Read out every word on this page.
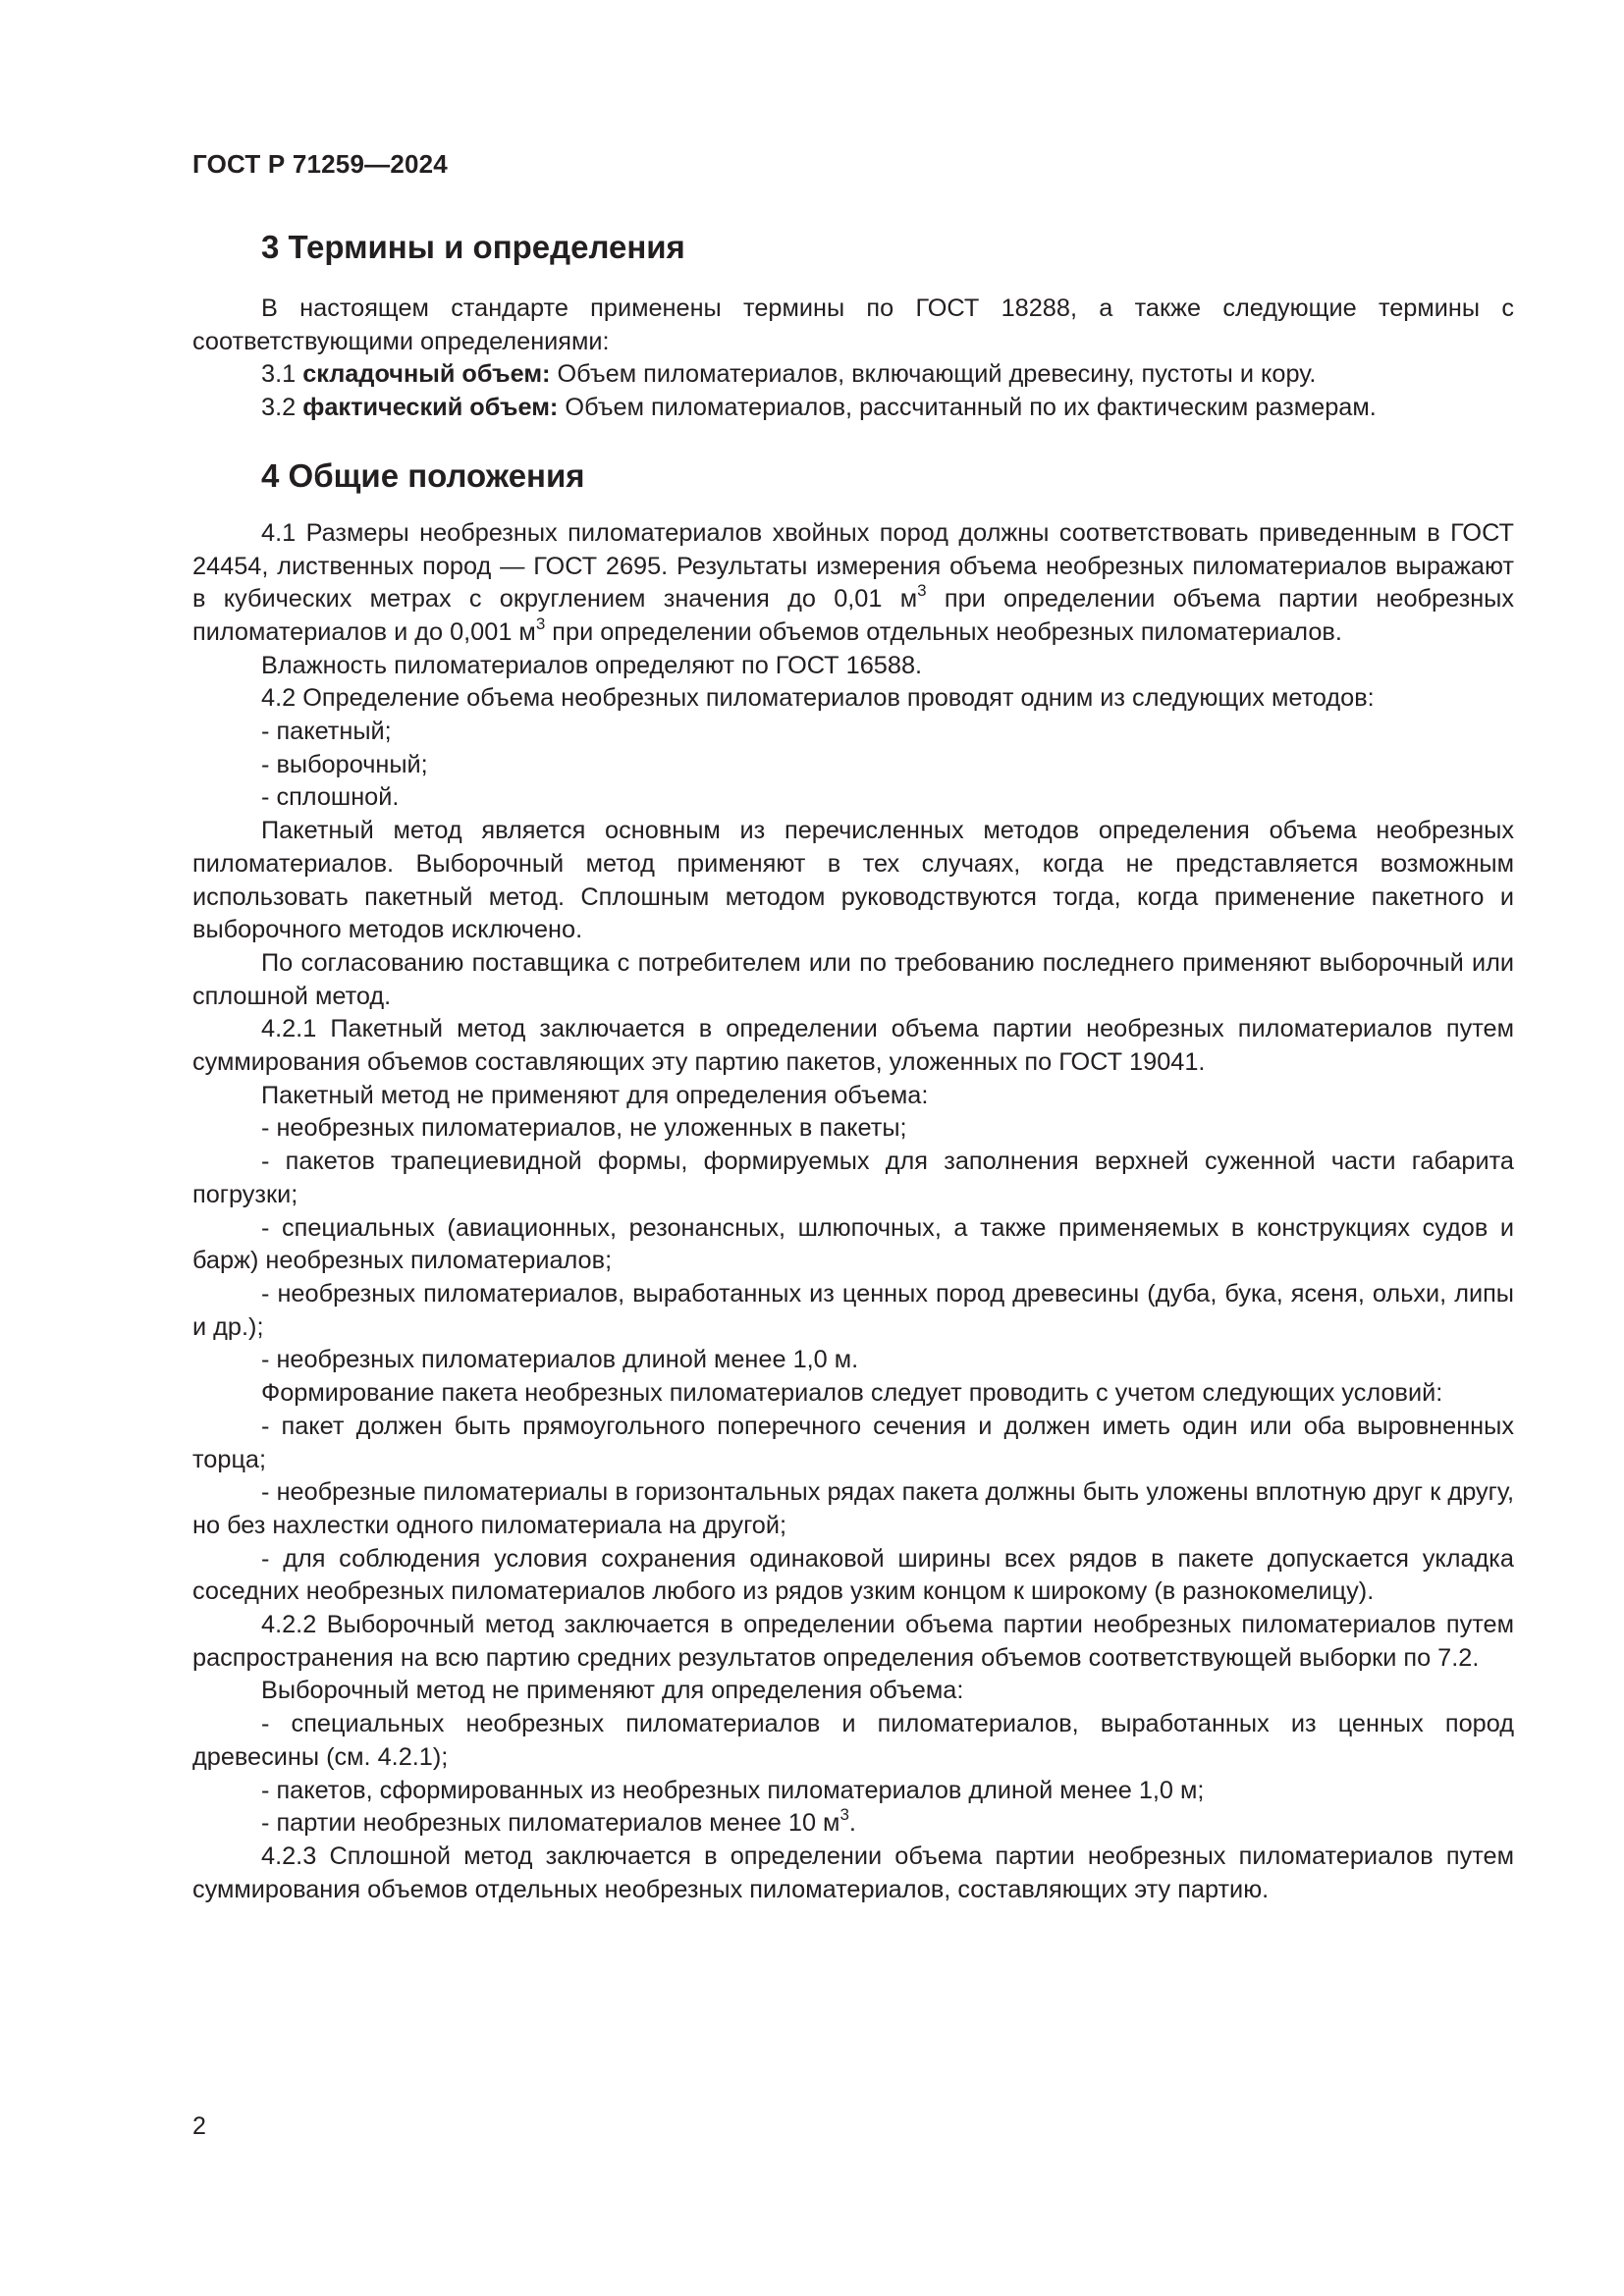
ГОСТ Р 71259—2024
3 Термины и определения

В настоящем стандарте применены термины по ГОСТ 18288, а также следующие термины с соответствующими определениями:

3.1 складочный объем: Объем пиломатериалов, включающий древесину, пустоты и кору.

3.2 фактический объем: Объем пиломатериалов, рассчитанный по их фактическим размерам.

4 Общие положения

4.1 Размеры необрезных пиломатериалов хвойных пород должны соответствовать приведенным в ГОСТ 24454, лиственных пород — ГОСТ 2695. Результаты измерения объема необрезных пиломатериалов выражают в кубических метрах с округлением значения до 0,01 $м^3$ при определении объема партии необрезных пиломатериалов и до 0,001 $м^3$ при определении объемов отдельных необрезных пиломатериалов.

Влажность пиломатериалов определяют по ГОСТ 16588.

4.2 Определение объема необрезных пиломатериалов проводят одним из следующих методов:

- пакетный;

- выборочный;

- сплошной.

Пакетный метод является основным из перечисленных методов определения объема необрезных пиломатериалов. Выборочный метод применяют в тех случаях, когда не представляется возможным использовать пакетный метод. Сплошным методом руководствуются тогда, когда применение пакетного и выборочного методов исключено.

По согласованию поставщика с потребителем или по требованию последнего применяют выборочный или сплошной метод.

4.2.1 Пакетный метод заключается в определении объема партии необрезных пиломатериалов путем суммирования объемов составляющих эту партию пакетов, уложенных по ГОСТ 19041.

Пакетный метод не применяют для определения объема:

- необрезных пиломатериалов, не уложенных в пакеты;

- пакетов трапециевидной формы, формируемых для заполнения верхней суженной части габарита погрузки;

- специальных (авиационных, резонансных, шлюпочных, а также применяемых в конструкциях судов и барж) необрезных пиломатериалов;

- необрезных пиломатериалов, выработанных из ценных пород древесины (дуба, бука, ясеня, ольхи, липы и др.);

- необрезных пиломатериалов длиной менее 1,0 м.

Формирование пакета необрезных пиломатериалов следует проводить с учетом следующих условий:

- пакет должен быть прямоугольного поперечного сечения и должен иметь один или оба выровненных торца;

- необрезные пиломатериалы в горизонтальных рядах пакета должны быть уложены вплотную друг к другу, но без нахлестки одного пиломатериала на другой;

- для соблюдения условия сохранения одинаковой ширины всех рядов в пакете допускается укладка соседних необрезных пиломатериалов любого из рядов узким концом к широкому (в разнокомелицу).

4.2.2 Выборочный метод заключается в определении объема партии необрезных пиломатериалов путем распространения на всю партию средних результатов определения объемов соответствующей выборки по 7.2.

Выборочный метод не применяют для определения объема:

- специальных необрезных пиломатериалов и пиломатериалов, выработанных из ценных пород древесины (см. 4.2.1);

- пакетов, сформированных из необрезных пиломатериалов длиной менее 1,0 м;

- партии необрезных пиломатериалов менее 10 $м^3$.

4.2.3 Сплошной метод заключается в определении объема партии необрезных пиломатериалов путем суммирования объемов отдельных необрезных пиломатериалов, составляющих эту партию.

2
